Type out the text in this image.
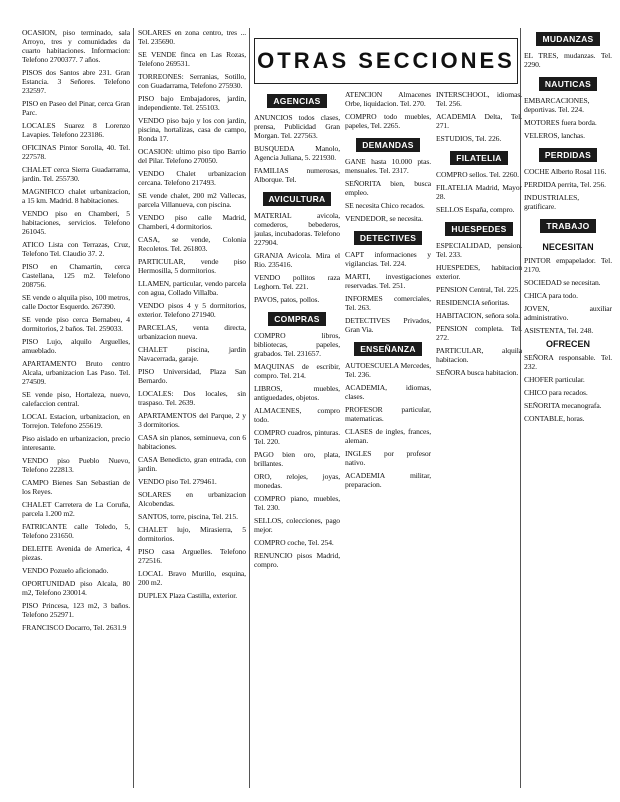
OCASION, piso terminado, sala Arroyo, tres y comunidades da cuarto habitaciones. Informacion: Telefono 2700377. 7 años.

PISOS dos Santos abre 231. Gran Estancia. 3 Señores. Telefono 232597.

PISO en Paseo del Pinar, cerca Gran Parc.

LOCALES Suarez 8 Lorenzo Lavapies. Telefono 223186.

OFICINAS Pintor Sorolla, 40. Tel. 227578.

CHALET cerca Sierra Guadarrama, jardin. Tel. 255730.

MAGNIFICO chalet urbanizacion, a 15 km. Madrid. 8 habitaciones.

VENDO piso en Chamberi, 5 habitaciones, servicios. Telefono 261045.

ATICO Lista con Terrazas, Cruz, Telefono Tel. Claudio 37. 2.

PISO en Chamartin, cerca Castellana, 125 m2. Telefono 208756.

SE vende o alquila piso, 100 metros, calle Doctor Esquerdo. 267390.

SE vende piso cerca Bernabeu, 4 dormitorios, 2 baños. Tel. 259033.

PISO Lujo, alquilo Arguelles, amueblado.

APARTAMENTO Bruto centro Alcala, urbanizacion Las Paso. Tel. 274509.

SE vende piso, Hortaleza, nuevo, calefaccion central.

LOCAL Estacion, urbanizacion, en Torrejon. Telefono 255619.

Piso aislado en urbanizacion, precio interesante.

VENDO piso Pueblo Nuevo, Telefono 222813.

CAMPO Bienes San Sebastian de los Reyes.

CHALET Carretera de La Coruña, parcela 1.200 m2.

FATRICANTE calle Toledo, 5, Telefono 231650.

DELEITE Avenida de America, 4 piezas.

VENDO Pozuelo aficionado.

OPORTUNIDAD piso Alcala, 80 m2, Telefono 230014.

PISO Princesa, 123 m2, 3 baños. Telefono 252971.

FRANCISCO Docarro, Tel. 2631.9

SOLARES en zona centro, tres ... Tel. 235690.

SE VENDE finca en Las Rozas, Telefono 269531.

TORREONES: Serranias, Sotillo, con Guadarrama, Telefono 275930.

PISO bajo Embajadores, jardin, independiente. Tel. 255103.

VENDO piso bajo y los con jardin, piscina, hortalizas, casa de campo, Ronda 17.

OCASION: ultimo piso tipo Barrio del Pilar. Telefono 270050.

VENDO Chalet urbanizacion cercana. Telefono 217493.

SE vende chalet, 200 m2 Vallecas, parcela Villanueva, con piscina.

VENDO piso calle Madrid, Chamberi, 4 dormitorios.

CASA, se vende, Colonia Recoletos. Tel. 261803.

PARTICULAR, vende piso Hermosilla, 5 dormitorios.

LLAMEN, particular, vendo parcela con agua, Collado Villalba.

VENDO pisos 4 y 5 dormitorios, exterior. Telefono 271940.

PARCELAS, venta directa, urbanizacion nueva.

CHALET piscina, jardin Navacerrada, garaje.

PISO Universidad, Plaza San Bernardo.

LOCALES: Dos locales, sin traspaso. Tel. 2639.

APARTAMENTOS del Parque, 2 y 3 dormitorios.

CASA sin planos, seminueva, con 6 habitaciones.

CASA Benedicto, gran entrada, con jardin.

VENDO piso Tel. 279461.

SOLARES en urbanizacion Alcobendas.

SANTOS, torre, piscina, Tel. 215.

CHALET lujo, Mirasierra, 5 dormitorios.

PISO casa Arguelles. Telefono 272516.

LOCAL Bravo Murillo, esquina, 200 m2.

DUPLEX Plaza Castilla, exterior.

OTRAS SECCIONES
AGENCIAS

ANUNCIOS todos clases, prensa, Publicidad Gran Morgan. Tel. 227563.

BUSQUEDA Manolo, Agencia Juliana, 5. 221930.

FAMILIAS numerosas, Alborque. Tel.

AVICULTURA

MATERIAL avicola, comederos, bebederos, jaulas, incubadoras. Telefono 227904.

GRANJA Avicola. Mira el Rio. 235416.

VENDO pollitos raza Leghorn. Tel. 221.

PAVOS, patos, pollos.

COMPRAS

COMPRO libros, bibliotecas, papeles, grabados. Tel. 231657.

MAQUINAS de escribir, compro. Tel. 214.

LIBROS, muebles, antiguedades, objetos.

ALMACENES, compro todo.

COMPRO cuadros, pinturas. Tel. 220.

PAGO bien oro, plata, brillantes.

ORO, relojes, joyas, monedas.

COMPRO piano, muebles, Tel. 230.

SELLOS, colecciones, pago mejor.

COMPRO coche, Tel. 254.

RENUNCIO pisos Madrid, compro.

ATENCION Almacenes Orbe, liquidacion. Tel. 270.

COMPRO todo muebles, papeles, Tel. 2265.

DEMANDAS

GANE hasta 10.000 ptas. mensuales. Tel. 2317.

SEÑORITA bien, busca empleo.

SE necesita Chico recados.

VENDEDOR, se necesita.

DETECTIVES

CAPT informaciones y vigilancias. Tel. 224.

MARTI, investigaciones reservadas. Tel. 251.

INFORMES comerciales, Tel. 263.

DETECTIVES Privados, Gran Via.

ENSEÑANZA

AUTOESCUELA Mercedes, Tel. 236.

ACADEMIA, idiomas, clases.

PROFESOR particular, matematicas.

CLASES de ingles, frances, aleman.

INGLES por profesor nativo.

ACADEMIA militar, preparacion.

INTERSCHOOL, idiomas. Tel. 256.

ACADEMIA Delta, Tel. 271.

ESTUDIOS, Tel. 226.

FILATELIA

COMPRO sellos. Tel. 2260.

FILATELIA Madrid, Mayor 28.

SELLOS España, compro.

HUESPEDES

ESPECIALIDAD, pension. Tel. 233.

HUESPEDES, habitacion exterior.

PENSION Central, Tel. 225.

RESIDENCIA señoritas.

HABITACION, señora sola.

PENSION completa. Tel. 272.

PARTICULAR, alquila habitacion.

SEÑORA busca habitacion.

MUDANZAS

EL TRES, mudanzas. Tel. 2290.

NAUTICAS

EMBARCACIONES, deportivas. Tel. 224.

MOTORES fuera borda.

VELEROS, lanchas.

PERDIDAS

COCHE Alberto Rosal 116.

PERDIDA perrita, Tel. 256.

INDUSTRIALES, gratificare.

TRABAJO
NECESITAN

PINTOR empapelador. Tel. 2170.

SOCIEDAD se necesitan.

CHICA para todo.

JOVEN, auxiliar administrativo.

ASISTENTA, Tel. 248.

OFRECEN

SEÑORA responsable. Tel. 232.

CHOFER particular.

CHICO para recados.

SEÑORITA mecanografa.

CONTABLE, horas.
